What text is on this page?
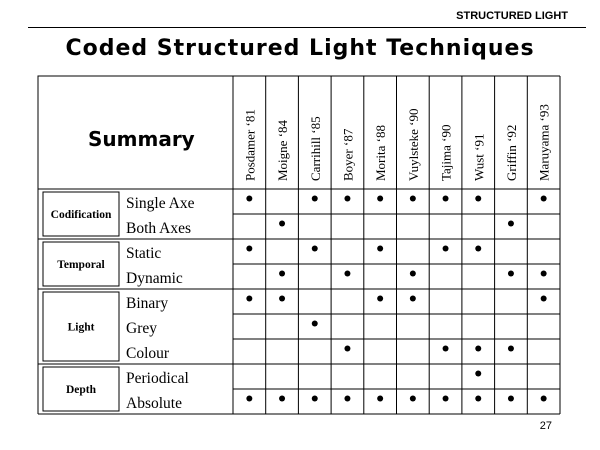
STRUCTURED LIGHT
Coded Structured Light Techniques
Summary	Posdamer ‘81 Moigne ‘84 Carrihill ‘85 Boyer ‘87 Morita ‘88 Vuylsteke ‘90 Tajima ‘90 Wust ‘91 Griffin ‘92 Maruyama ‘93
Codification
Single Axe
Both Axes
Temporal
Static
Dynamic
Light
Binary
Grey
Colour
Depth
Periodical
Absolute
27
